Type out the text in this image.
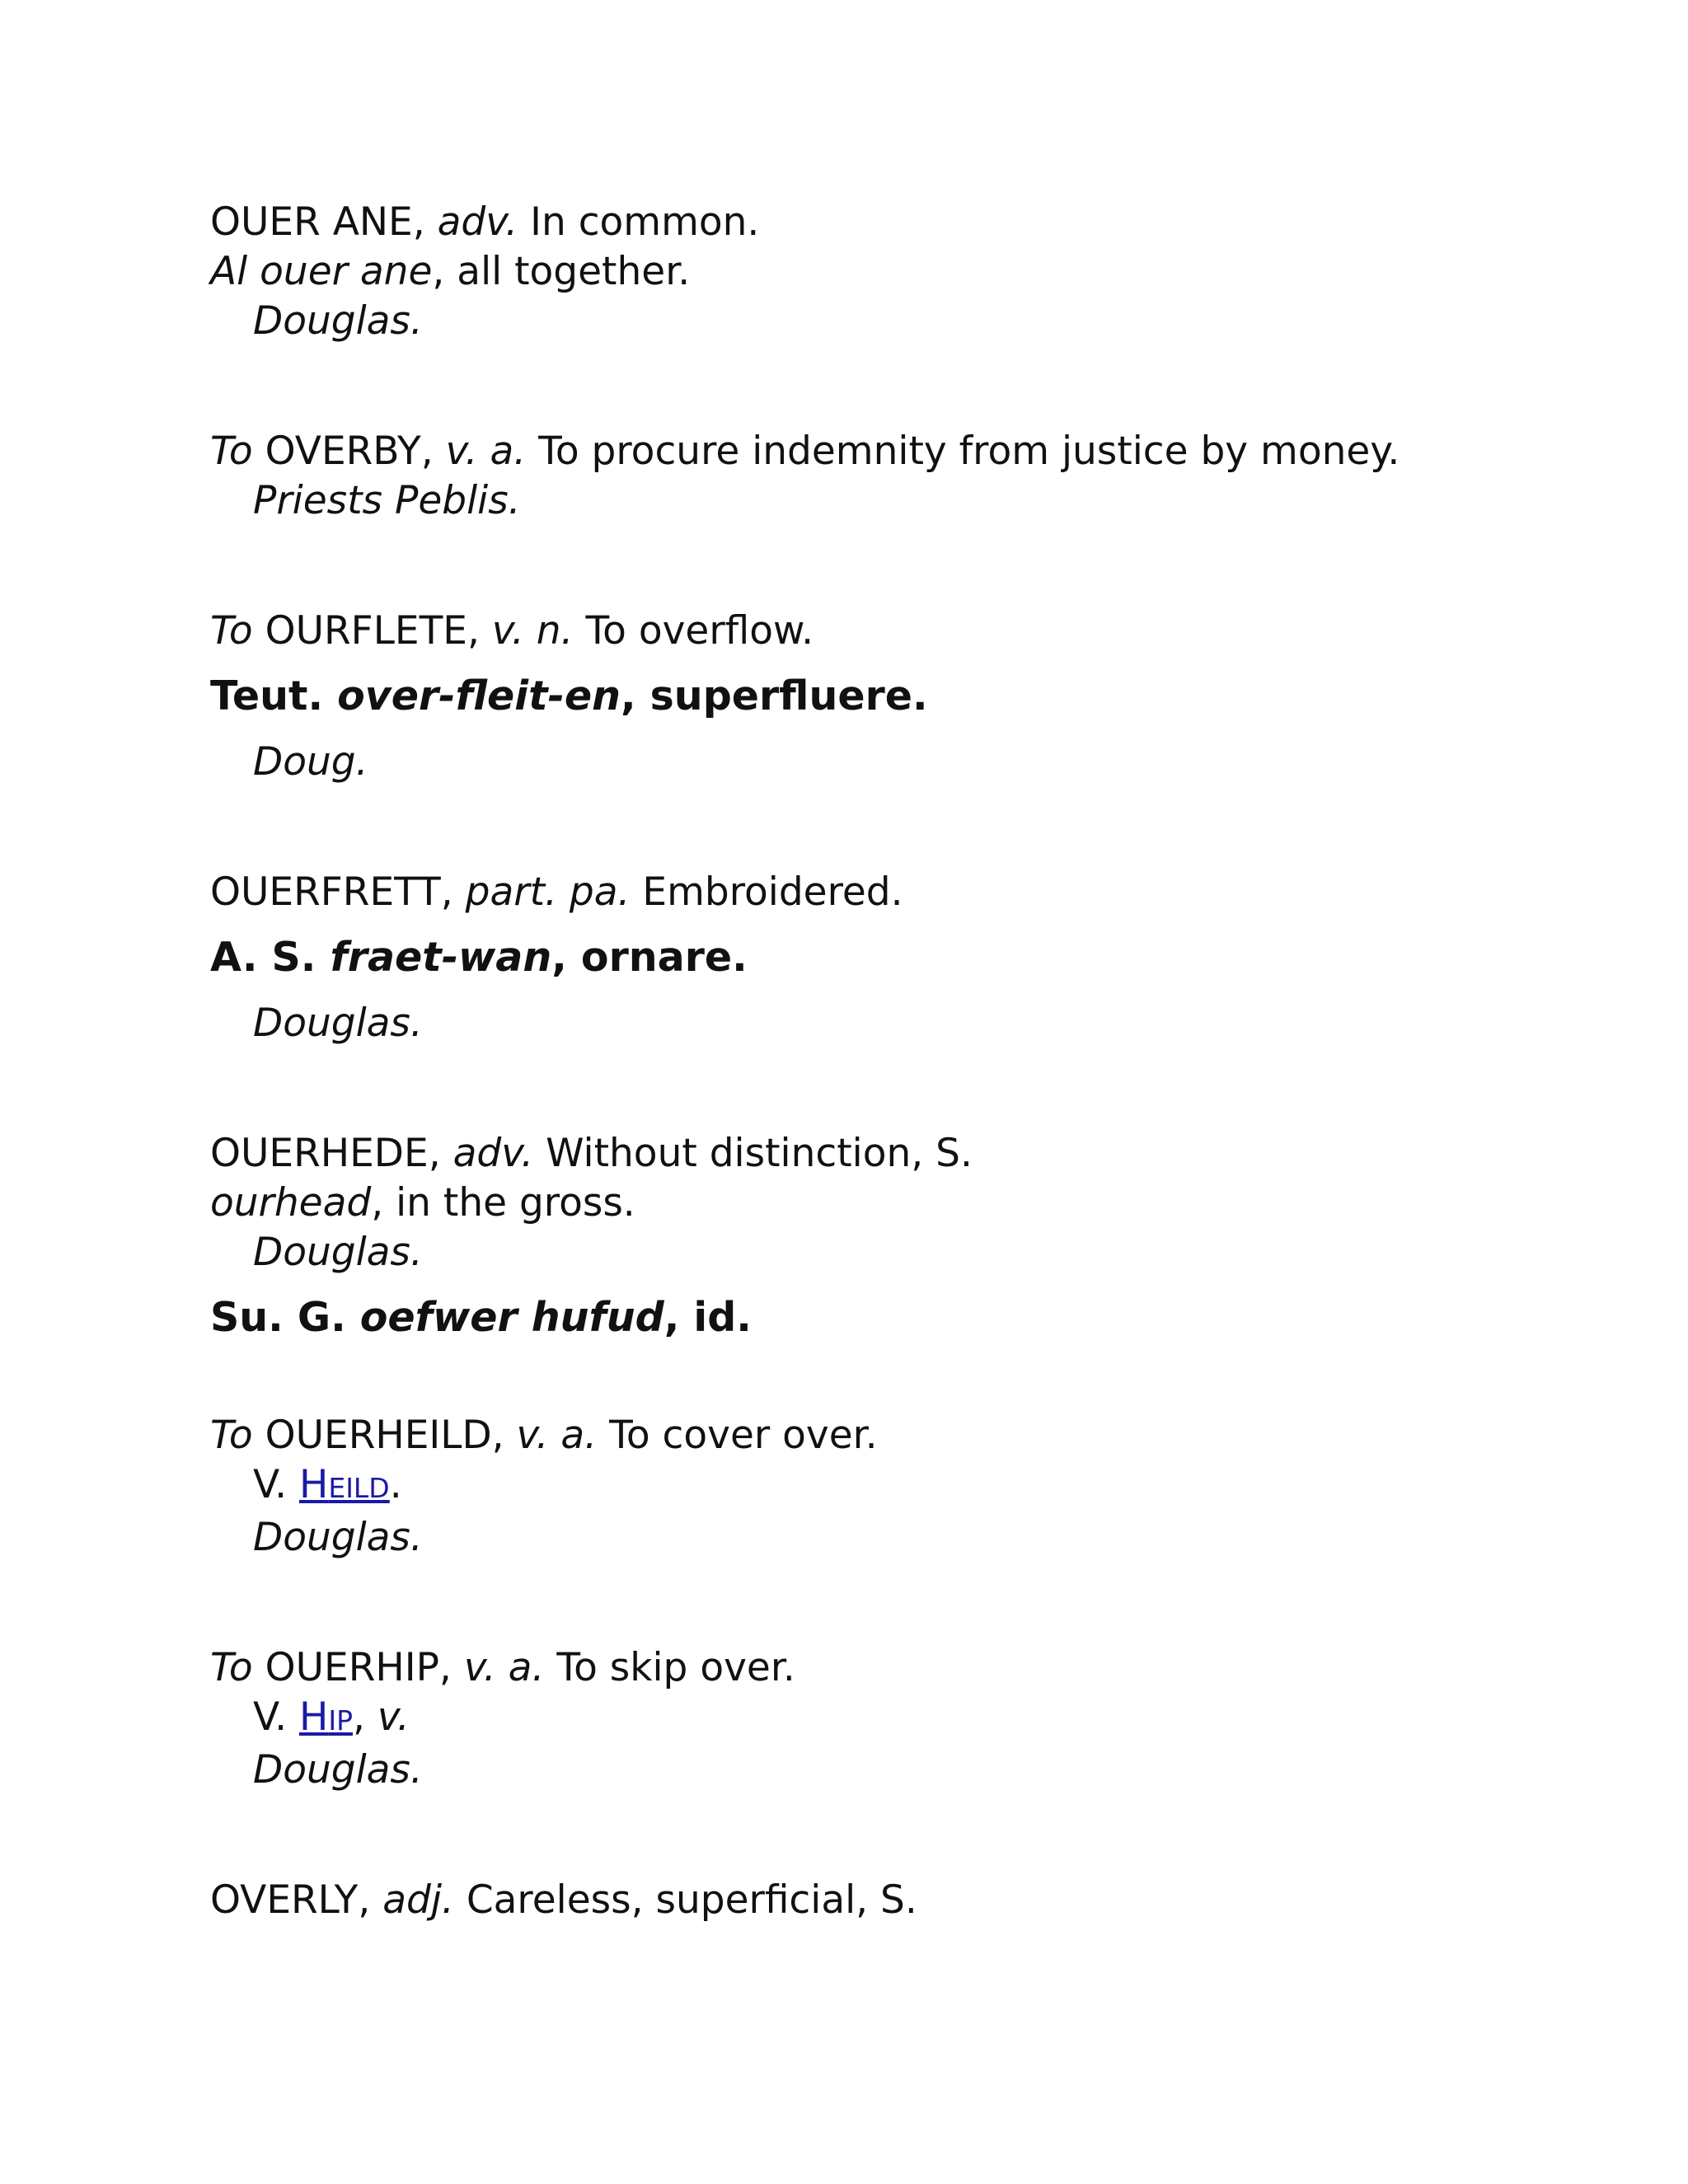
OUER ANE, adv. In common.
Al ouer ane, all together.
Douglas.
To OVERBY, v. a. To procure indemnity from justice by money.
Priests Peblis.
To OURFLETE, v. n. To overflow.
Teut. over-fleit-en, superfluere.
Doug.
OUERFRETT, part. pa. Embroidered.
A. S. fraet-wan, ornare.
Douglas.
OUERHEDE, adv. Without distinction, S.
ourhead, in the gross.
Douglas.
Su. G. oefwer hufud, id.
To OUERHEILD, v. a. To cover over.
V. HEILD.
Douglas.
To OUERHIP, v. a. To skip over.
V. HIP, v.
Douglas.
OVERLY, adj. Careless, superficial, S.
